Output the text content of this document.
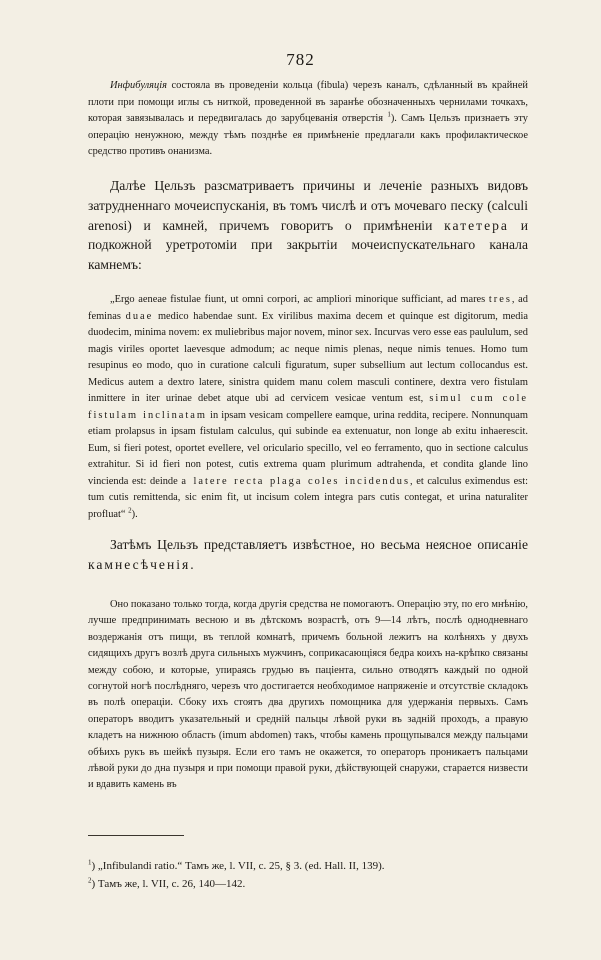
782

Инфибуляція состояла въ проведеніи кольца (fibula) черезъ каналъ, сдѣланный въ крайней плоти при помощи иглы съ ниткой, проведенной въ заранѣе обозначенныхъ чернилами точкахъ, которая завязывалась и передвигалась до зарубцеванія отверстія $^1$). Самъ Цельзъ признаетъ эту операцію ненужною, между тѣмъ позднѣе ея примѣненіе предлагали какъ профилактическое средство противъ онанизма.

Далѣе Цельзъ разсматриваетъ причины и леченіе разныхъ видовъ затрудненнаго мочеиспусканія, въ томъ числѣ и отъ мочеваго песку (calculi arenosi) и камней, причемъ говоритъ о примѣненіи катетера и подкожной уретротоміи при закрытіи мочеиспускательнаго канала камнемъ:

„Ergo aeneae fistulae fiunt, ut omni corpori, ac ampliori minorique sufficiant, ad mares tres, ad feminas duae medico habendae sunt. Ex virilibus maxima decem et quinque est digitorum, media duodecim, minima novem: ex muliebribus major novem, minor sex. Incurvas vero esse eas paululum, sed magis viriles oportet laevesque admodum; ac neque nimis plenas, neque nimis tenues. Homo tum resupinus eo modo, quo in curatione calculi figuratum, super subsellium aut lectum collocandus est. Medicus autem a dextro latere, sinistra quidem manu colem masculi continere, dextra vero fistulam inmittere in iter urinae debet atque ubi ad cervicem vesicae ventum est, simul cum cole fistulam inclinatam in ipsam vesicam compellere eamque, urina reddita, recipere. Nonnunquam etiam prolapsus in ipsam fistulam calculus, qui subinde ea extenuatur, non longe ab exitu inhaerescit. Eum, si fieri potest, oportet evellere, vel oriculario specillo, vel eo ferramento, quo in sectione calculus extrahitur. Si id fieri non potest, cutis extrema quam plurimum adtrahenda, et condita glande lino vincienda est: deinde a latere recta plaga coles incidendus, et calculus eximendus est: tum cutis remittenda, sic enim fit, ut incisum colem integra pars cutis contegat, et urina naturaliter profluat“ $^2$).

Затѣмъ Цельзъ представляетъ извѣстное, но весьма неясное описаніе камнесѣченія.

Оно показано только тогда, когда другія средства не помогаютъ. Операцію эту, по его мнѣнію, лучше предпринимать весною и въ дѣтскомъ возрастѣ, отъ 9—14 лѣтъ, послѣ однодневнаго воздержанія отъ пищи, въ теплой комнатѣ, причемъ больной лежитъ на колѣняхъ у двухъ сидящихъ другъ возлѣ друга сильныхъ мужчинъ, соприкасающіяся бедра коихъ на-крѣпко связаны между собою, и которые, упираясь грудью въ паціента, сильно отводятъ каждый по одной согнутой ногѣ послѣдняго, черезъ что достигается необходимое напряженіе и отсутствіе складокъ въ полѣ операціи. Сбоку ихъ стоятъ два другихъ помощника для удержанія первыхъ. Самъ операторъ вводитъ указательный и средній пальцы лѣвой руки въ задній проходъ, а правую кладетъ на нижнюю область (imum abdomen) такъ, чтобы камень прощупывался между пальцами обѣихъ рукъ въ шейкѣ пузыря. Если его тамъ не окажется, то операторъ проникаетъ пальцами лѣвой руки до дна пузыря и при помощи правой руки, дѣйствующей снаружи, старается низвести и вдавить камень въ

$^1$) „Infibulandi ratio.“ Тамъ же, l. VII, c. 25, § 3. (ed. Hall. II, 139).
$^2$) Тамъ же, l. VII, c. 26, 140—142.
